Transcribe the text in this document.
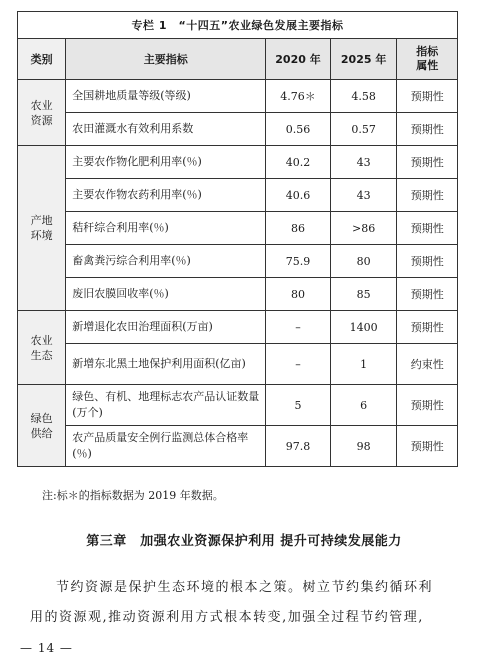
专栏 1　“十四五”农业绿色发展主要指标				
类别	主要指标	2020 年	2025 年	指标
属性
农业
资源	全国耕地质量等级(等级)	4.76＊	4.58	预期性
	农田灌溉水有效利用系数	0.56	0.57	预期性
产地
环境	主要农作物化肥利用率(％)	40.2	43	预期性
	主要农作物农药利用率(％)	40.6	43	预期性
	秸秆综合利用率(％)	86	>86	预期性
	畜禽粪污综合利用率(％)	75.9	80	预期性
	废旧农膜回收率(％)	80	85	预期性
农业
生态	新增退化农田治理面积(万亩)	–	1400	预期性
	新增东北黑土地保护利用面积(亿亩)	–	1	约束性
绿色
供给	绿色、有机、地理标志农产品认证数量(万个)	5	6	预期性
	农产品质量安全例行监测总体合格率(％)	97.8	98	预期性
注:标＊的指标数据为 2019 年数据。
第三章　加强农业资源保护利用 提升可持续发展能力
节约资源是保护生态环境的根本之策。树立节约集约循环利
用的资源观,推动资源利用方式根本转变,加强全过程节约管理,
— 14 —
